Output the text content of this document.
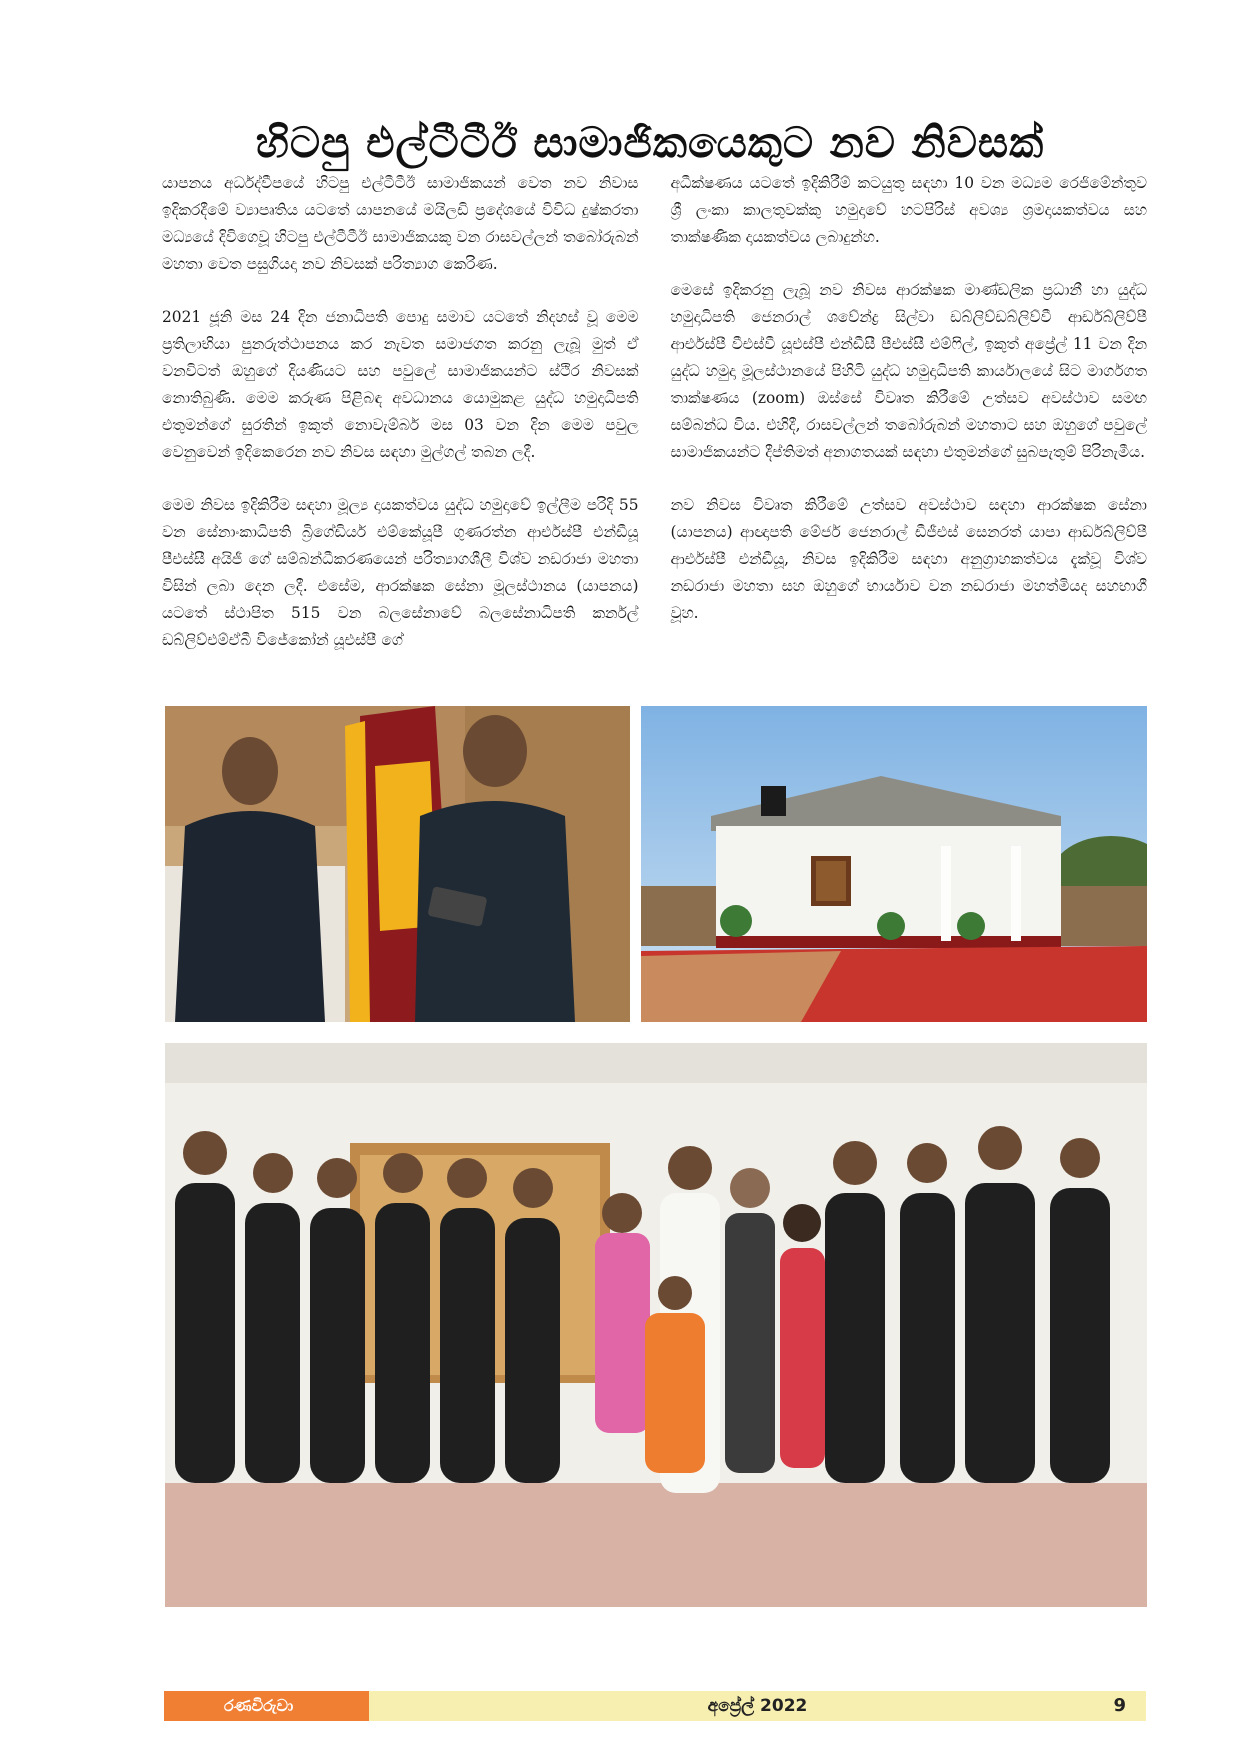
හිටපු එල්ටීටීඊ සාමාජිකයෙකුට නව නිවසක්

යාපනය අර්ධද්වීපයේ හිටපු එල්ටීටීඊ සාමාජිකයන් වෙත නව නිවාස ඉදිකරදීමේ ව්‍යාපෘතිය යටතේ යාපනයේ මයිලඩි ප්‍රදේශයේ විවිධ දුෂ්කරතා මධ්‍යයේ දිවිගෙවූ හිටපු එල්ටීටීඊ සාමාජිකයකු වන රාසවල්ලන් තබෝරුබන් මහතා වෙත පසුගියදා නව නිවසක් පරිත්‍යාග කෙරිණ.

2021 ජූනි මස 24 දින ජනාධිපති පොදු සමාව යටතේ නිදහස් වූ මෙම ප්‍රතිලාභියා පුනරුත්ථාපනය කර නැවත සමාජගත කරනු ලැබූ මුත් ඒ වනවිටත් ඔහුගේ දියණියට සහ පවුලේ සාමාජිකයන්ට ස්ථිර නිවසක් නොතිබුණි. මෙම කරුණ පිළිබඳ අවධානය යොමුකළ යුද්ධ හමුදාධිපති එතුමන්ගේ සුරතින් ඉකුත් නොවැම්බර් මස 03 වන දින මෙම පවුල වෙනුවෙන් ඉදිකෙරෙන නව නිවස සඳහා මුල්ගල් තබන ලදී.

මෙම නිවස ඉදිකිරීම සඳහා මූල්‍ය දායකත්වය යුද්ධ හමුදාවේ ඉල්ලීම පරිදි 55 වන සේනාංකාධිපති බ්‍රිගේඩියර් එම්කේයූපී ගුණරත්න ආර්එස්පී එන්ඩීයූ පීඑස්සී අයිජී ගේ සම්බන්ධීකරණයෙන් පරිත්‍යාගශීලී විශ්ව නඩරාජා මහතා විසින් ලබා දෙන ලදී. එසේම, ආරක්ෂක සේනා මූලස්ථානය (යාපනය) යටතේ ස්ථාපිත 515 වන බලසේනාවේ බලසේනාධිපති කර්නල් ඩබ්ලිව්එම්ඒබී විජේකෝන් යූඑස්පී ගේ

අධීක්ෂණය යටතේ ඉදිකිරීම් කටයුතු සඳහා 10 වන මධ්‍යම රෙජිමේන්තුව ශ්‍රී ලංකා කාලතුවක්කු හමුදාවේ හටපිරිස් අවශ්‍ය ශ්‍රමදායකත්වය සහ තාක්ෂණික දායකත්වය ලබාදුන්හ.

මෙසේ ඉදිකරනු ලැබූ නව නිවස ආරක්ෂක මාණ්ඩලික ප්‍රධානී හා යුද්ධ හමුදාධිපති ජෙනරාල් ශවේන්ද්‍ර සිල්වා ඩබ්ලිව්ඩබ්ලිව්වී ආර්ඩබ්ලිව්පී ආර්එස්පී වීඑස්වී යූඑස්පී එන්ඩීසී පීඑස්සී එම්ෆිල්, ඉකුත් අප්‍රේල් 11 වන දින යුද්ධ හමුදා මූලස්ථානයේ පිහිටි යුද්ධ හමුදාධිපති කාර්යාලයේ සිට මාර්ගගත තාක්ෂණය (zoom) ඔස්සේ විවෘත කිරීමේ උත්සව අවස්ථාව සමඟ සම්බන්ධ විය. එහිදී, රාසවල්ලන් තබෝරුබන් මහතාට සහ ඔහුගේ පවුලේ සාමාජිකයන්ට දීප්තිමත් අනාගතයක් සඳහා එතුමන්ගේ සුබපැතුම් පිරිනැමීය.

නව නිවස විවෘත කිරීමේ උත්සව අවස්ථාව සඳහා ආරක්ෂක සේනා (යාපනය) ආඥාපති මේජර් ජෙනරාල් ඩීජීඑස් සෙනරත් යාපා ආර්ඩබ්ලිව්පී ආර්එස්පී එන්ඩීයූ, නිවස ඉදිකිරීම සඳහා අනුග්‍රාහකත්වය දැක්වූ විශ්ව නඩරාජා මහතා සහ ඔහුගේ භාර්යාව වන නඩරාජා මහත්මියද සහභාගී වූහ.

රණවිරුවා	අප්‍රේල් 2022	9
